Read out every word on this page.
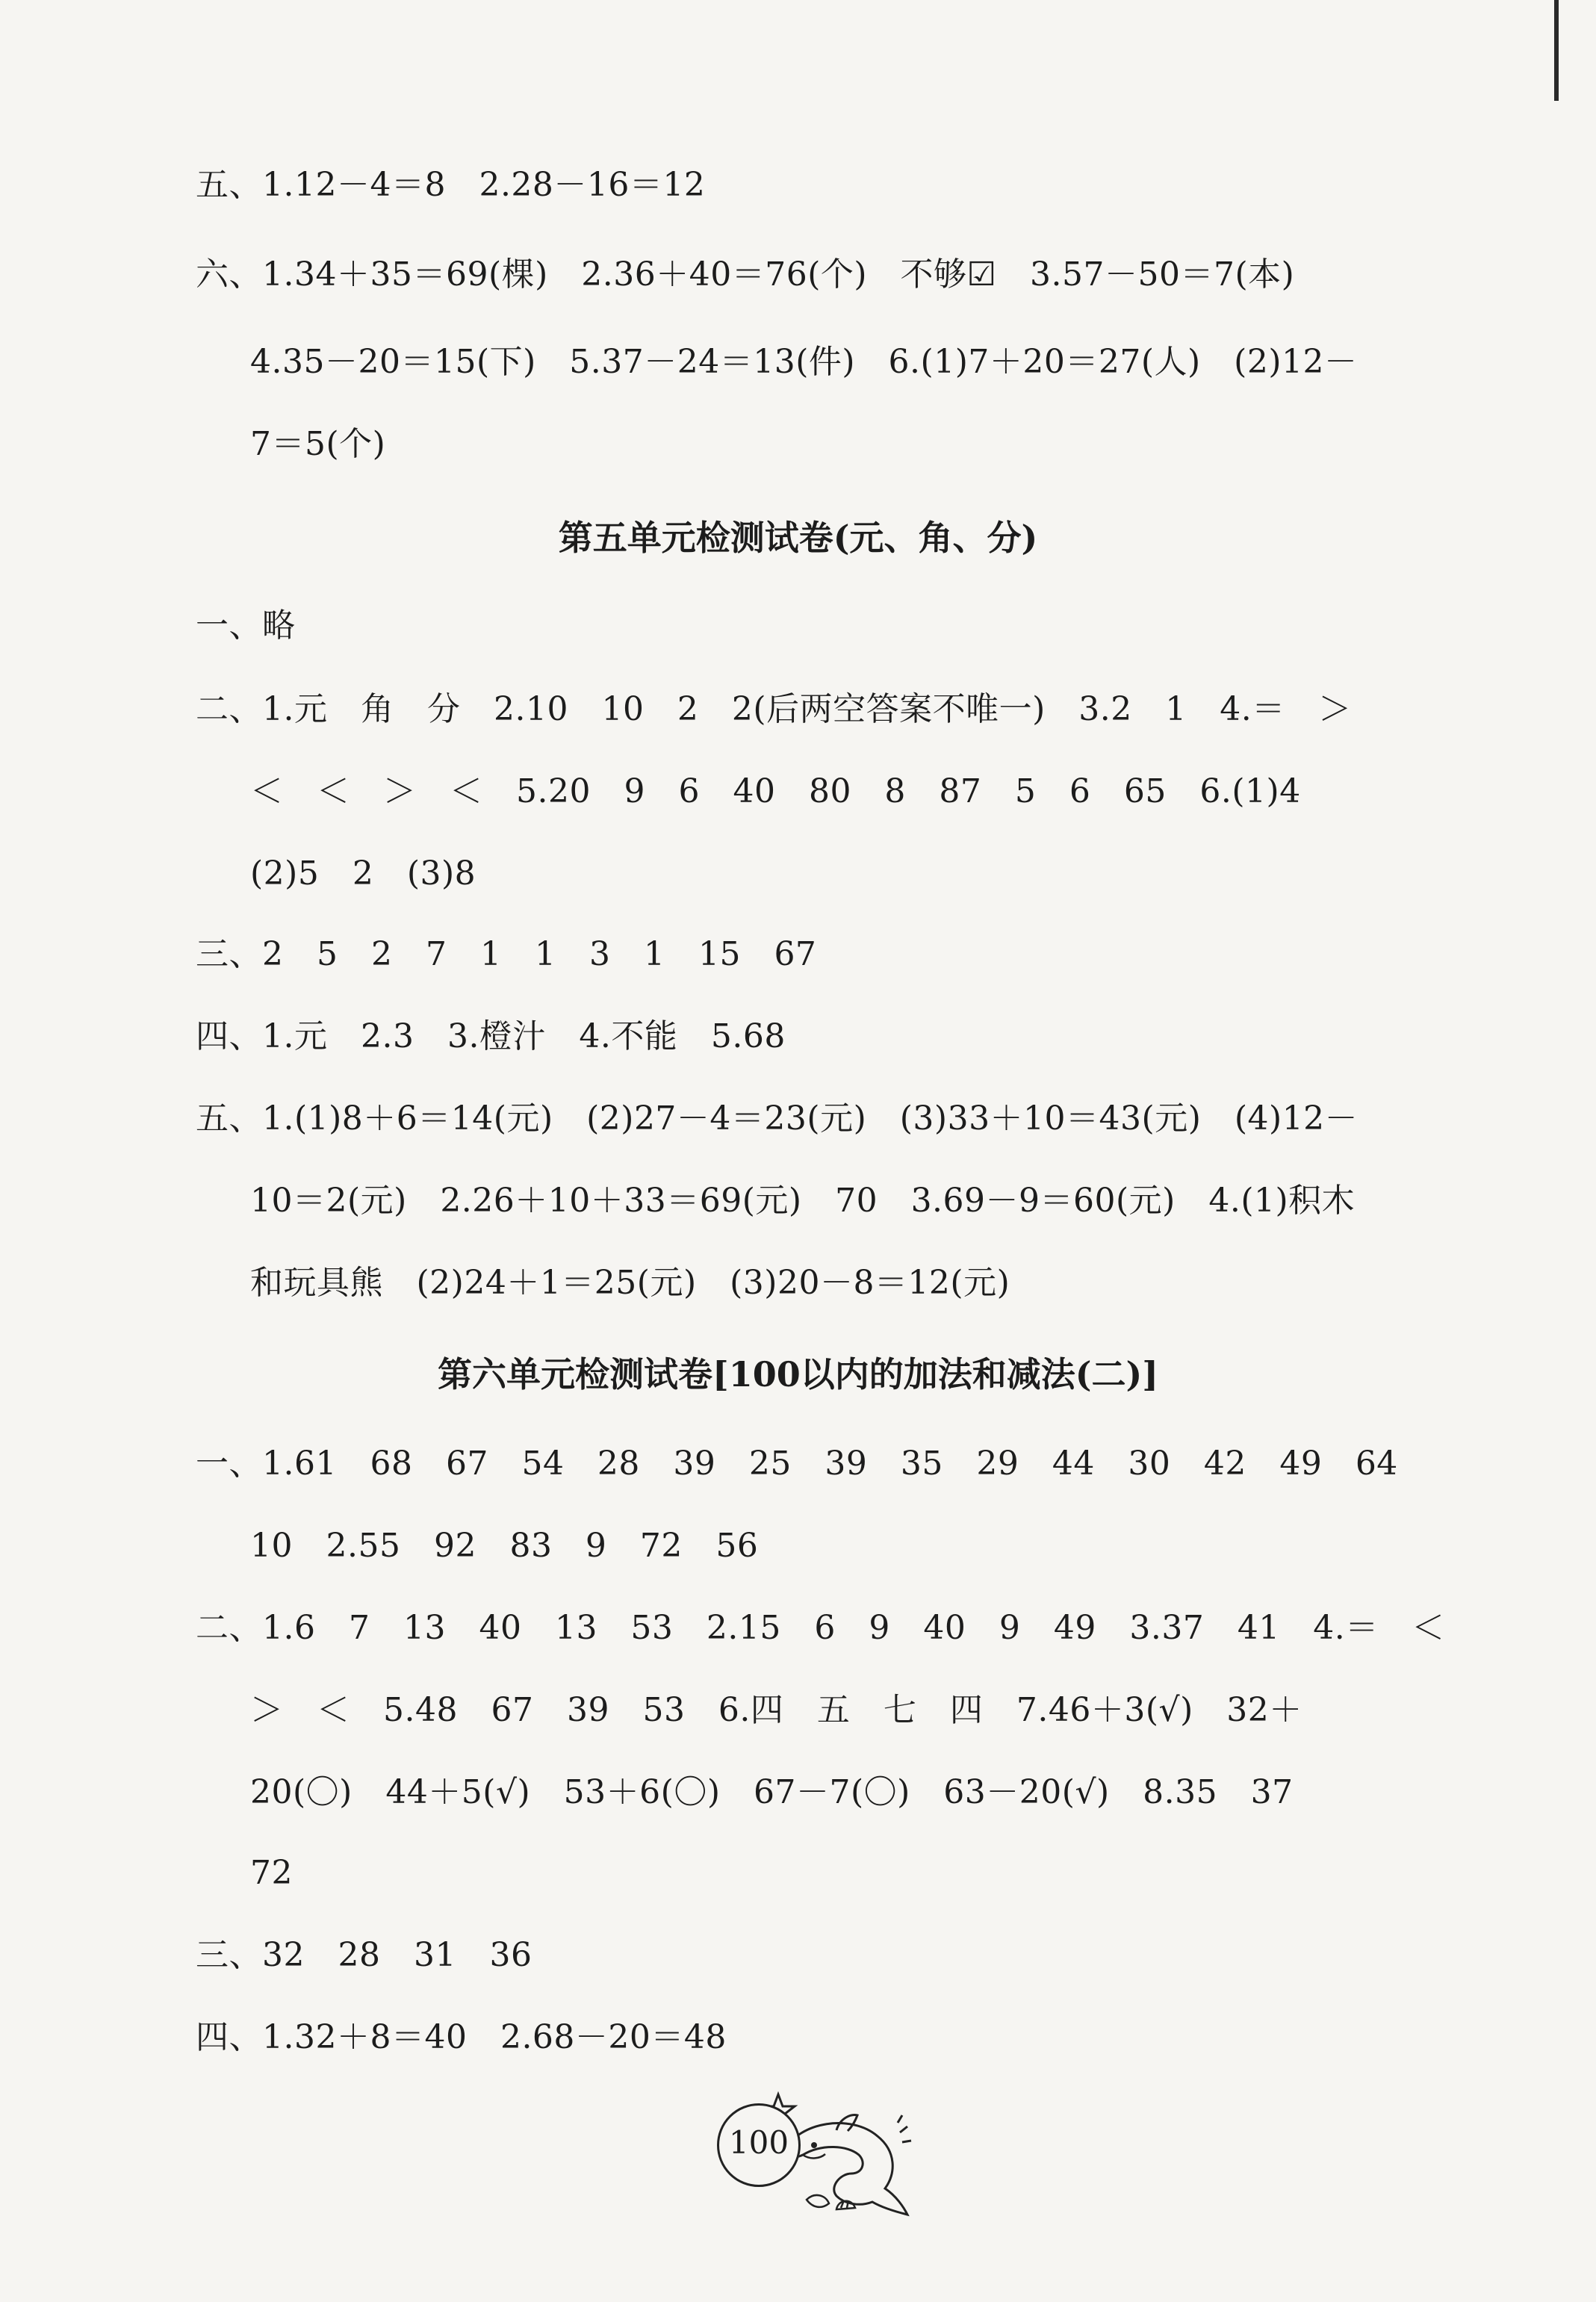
五、1.12－4＝8　2.28－16＝12
六、1.34＋35＝69(棵)　2.36＋40＝76(个)　不够☑　3.57－50＝7(本)
4.35－20＝15(下)　5.37－24＝13(件)　6.(1)7＋20＝27(人)　(2)12－
7＝5(个)
第五单元检测试卷(元、角、分)
一、略
二、1.元　角　分　2.10　10　2　2(后两空答案不唯一)　3.2　1　4.＝　＞
＜　＜　＞　＜　5.20　9　6　40　80　8　87　5　6　65　6.(1)4
(2)5　2　(3)8
三、2　5　2　7　1　1　3　1　15　67
四、1.元　2.3　3.橙汁　4.不能　5.68
五、1.(1)8＋6＝14(元)　(2)27－4＝23(元)　(3)33＋10＝43(元)　(4)12－
10＝2(元)　2.26＋10＋33＝69(元)　70　3.69－9＝60(元)　4.(1)积木
和玩具熊　(2)24＋1＝25(元)　(3)20－8＝12(元)
第六单元检测试卷[100以内的加法和减法(二)]
一、1.61　68　67　54　28　39　25　39　35　29　44　30　42　49　64
10　2.55　92　83　9　72　56
二、1.6　7　13　40　13　53　2.15　6　9　40　9　49　3.37　41　4.＝　＜
＞　＜　5.48　67　39　53　6.四　五　七　四　7.46＋3(√)　32＋
20(〇)　44＋5(√)　53＋6(〇)　67－7(〇)　63－20(√)　8.35　37
72
三、32　28　31　36
四、1.32＋8＝40　2.68－20＝48
100
